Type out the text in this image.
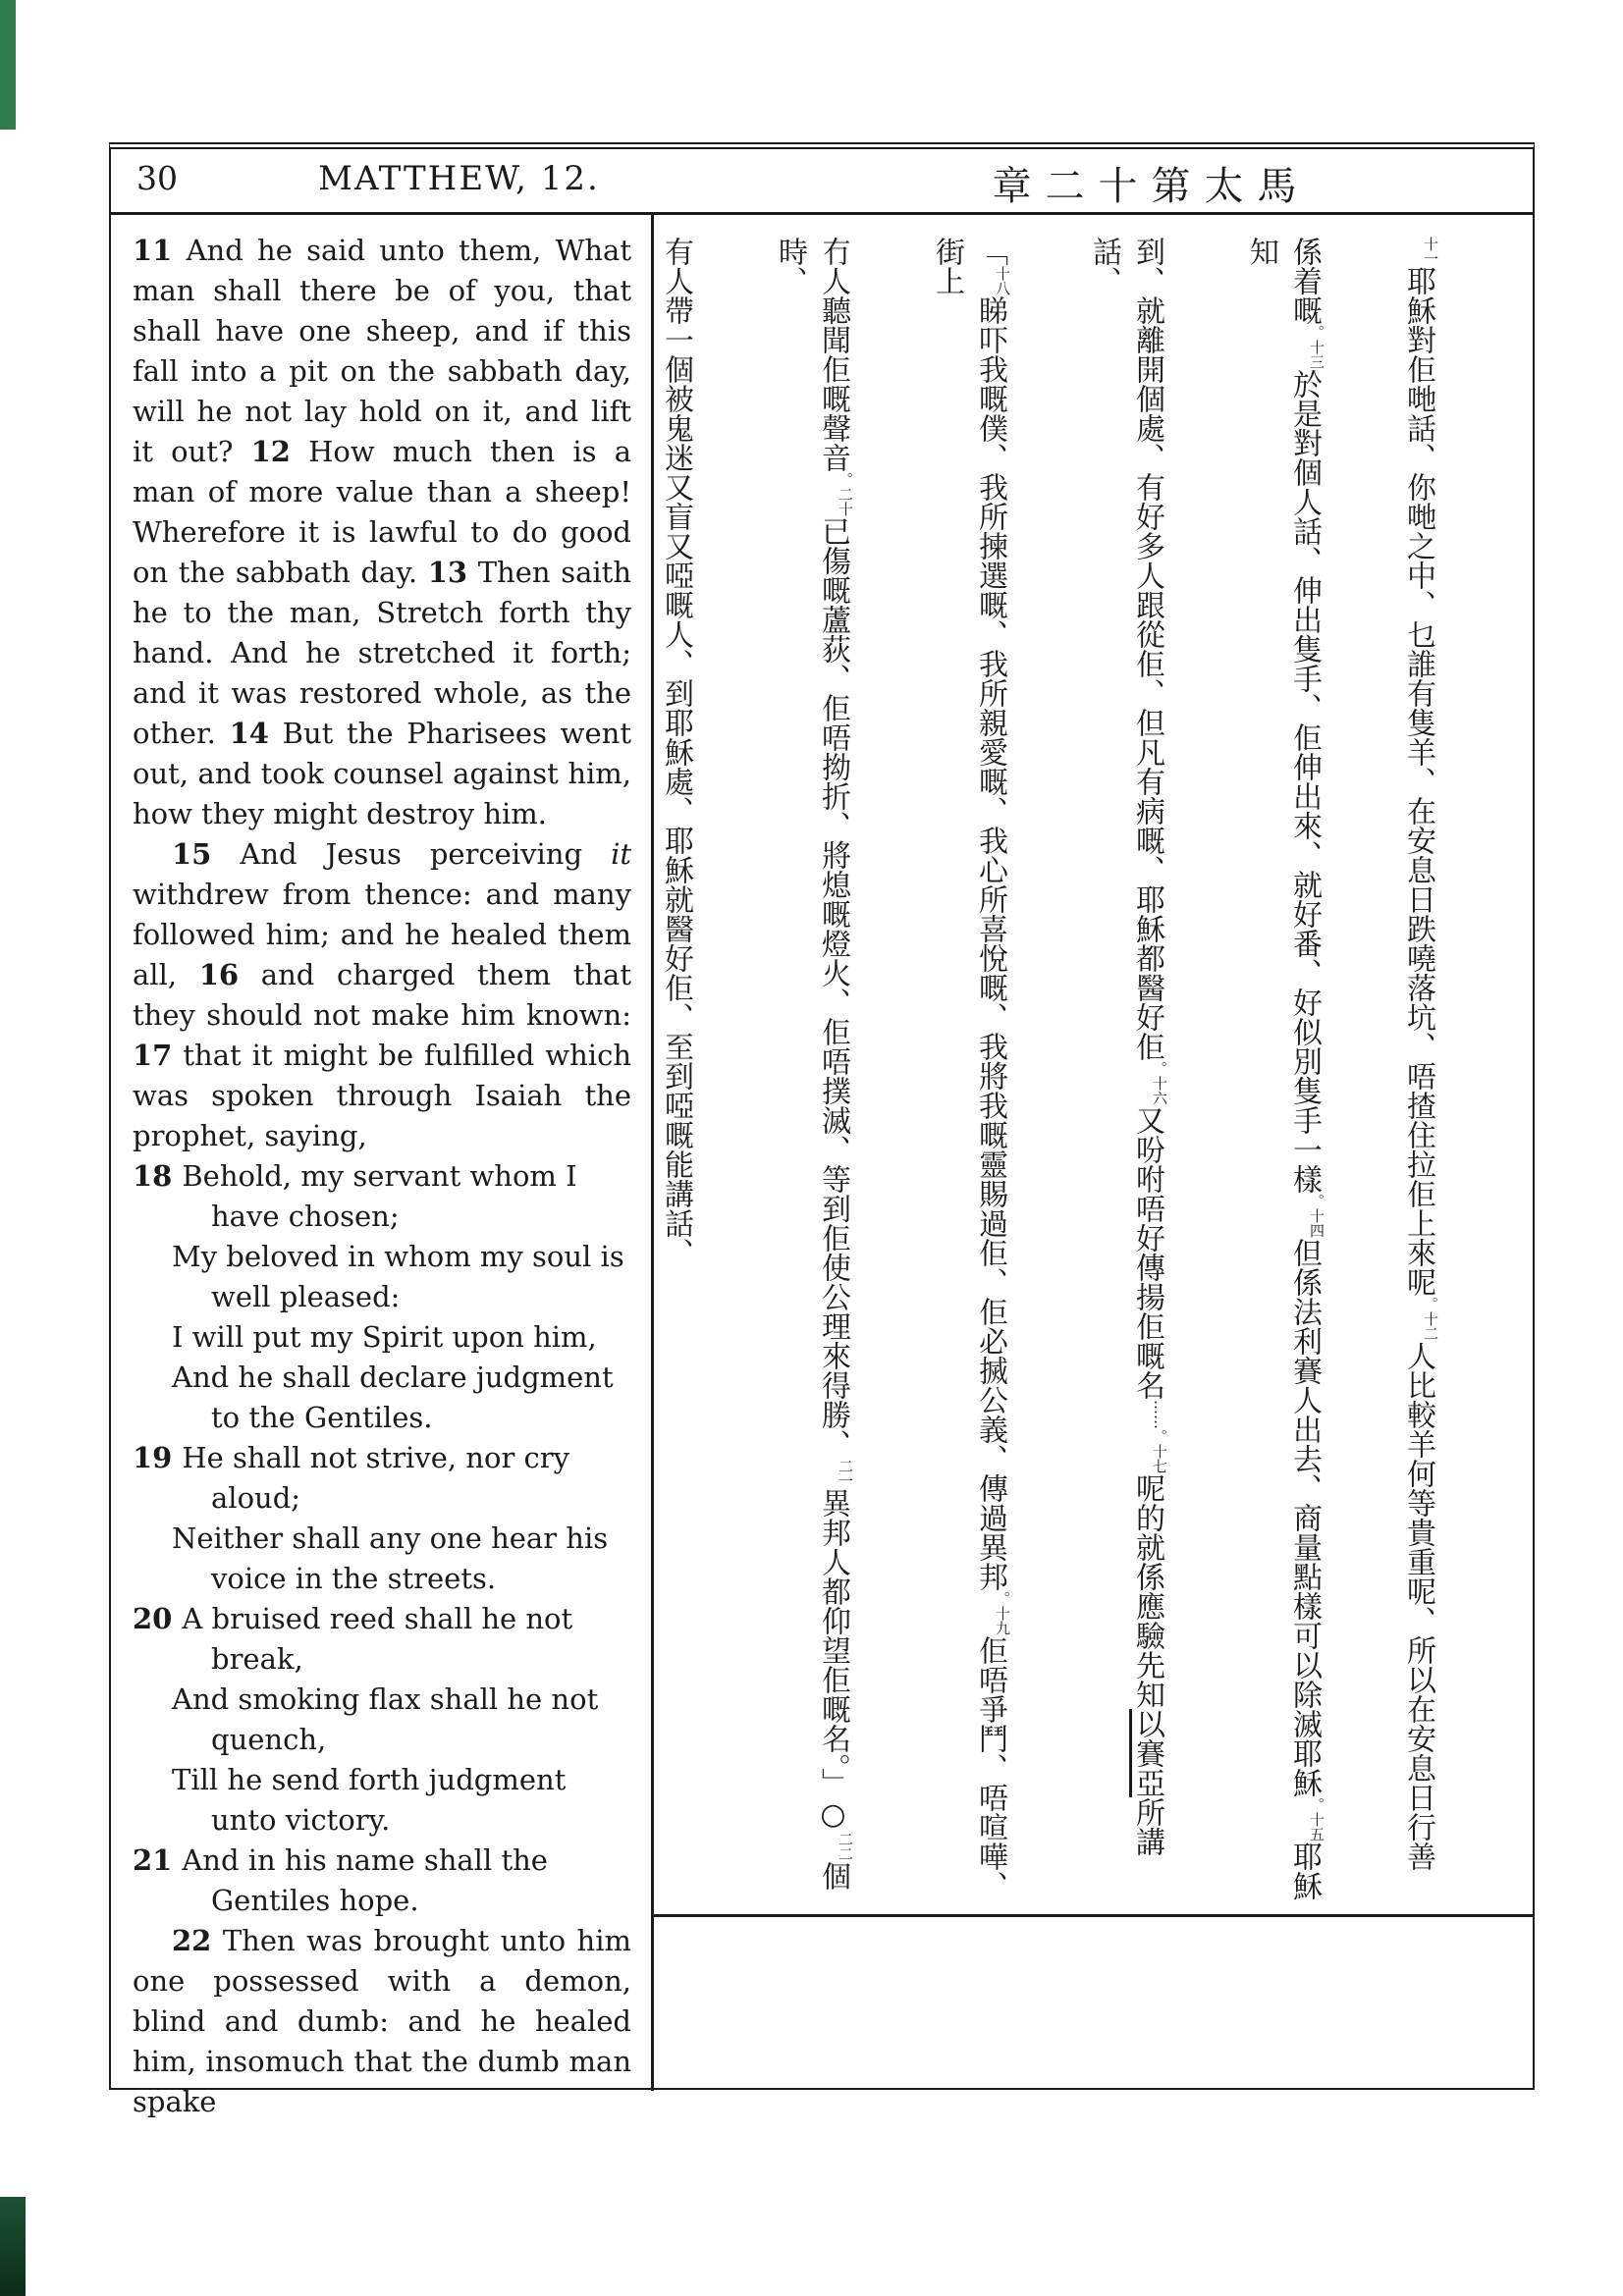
30	MATTHEW, 12.	章二十第太馬

11 And he said unto them, What man shall there be of you, that shall have one sheep, and if this fall into a pit on the sabbath day, will he not lay hold on it, and lift it out? 12 How much then is a man of more value than a sheep! Wherefore it is lawful to do good on the sabbath day. 13 Then saith he to the man, Stretch forth thy hand. And he stretched it forth; and it was restored whole, as the other. 14 But the Pharisees went out, and took counsel against him, how they might destroy him.

15 And Jesus perceiving it withdrew from thence: and many followed him; and he healed them all, 16 and charged them that they should not make him known: 17 that it might be fulfilled which was spoken through Isaiah the prophet, saying,

18 Behold, my servant whom I have chosen;
My beloved in whom my soul is well pleased:
I will put my Spirit upon him,
And he shall declare judgment to the Gentiles.
19 He shall not strive, nor cry aloud;
Neither shall any one hear his voice in the streets.
20 A bruised reed shall he not break,
And smoking flax shall he not quench,
Till he send forth judgment unto victory.
21 And in his name shall the Gentiles hope.

22 Then was brought unto him one possessed with a demon, blind and dumb: and he healed him, insomuch that the dumb man spake

十一耶穌對佢哋話、你哋之中、乜誰有隻羊、在安息日跌嘵落坑、唔揸住拉佢上來呢。十二人比較羊何等貴重呢、所以在安息日行善
係着嘅。十三於是對個人話、伸出隻手、佢伸出來、就好番、好似別隻手一樣。十四但係法利賽人出去、商量點樣可以除滅耶穌。十五耶穌知
到、就離開個處、有好多人跟從佢、但凡有病嘅、耶穌都醫好佢。十六又吩咐唔好傳揚佢嘅名……。十七呢的就係應驗先知以賽亞所講話、
「十八睇吓我嘅僕、我所揀選嘅、我所親愛嘅、我心所喜悅嘅、我將我嘅靈賜過佢、佢必搣公義、傳過異邦。十九佢唔爭鬥、唔喧嘩、街上
冇人聽聞佢嘅聲音。二十已傷嘅蘆荻、佢唔拗折、將熄嘅燈火、佢唔撲滅、等到佢使公理來得勝、二一異邦人都仰望佢嘅名。」○二二個時、
有人帶一個被鬼迷又盲又啞嘅人、到耶穌處、耶穌就醫好佢、至到啞嘅能講話、
